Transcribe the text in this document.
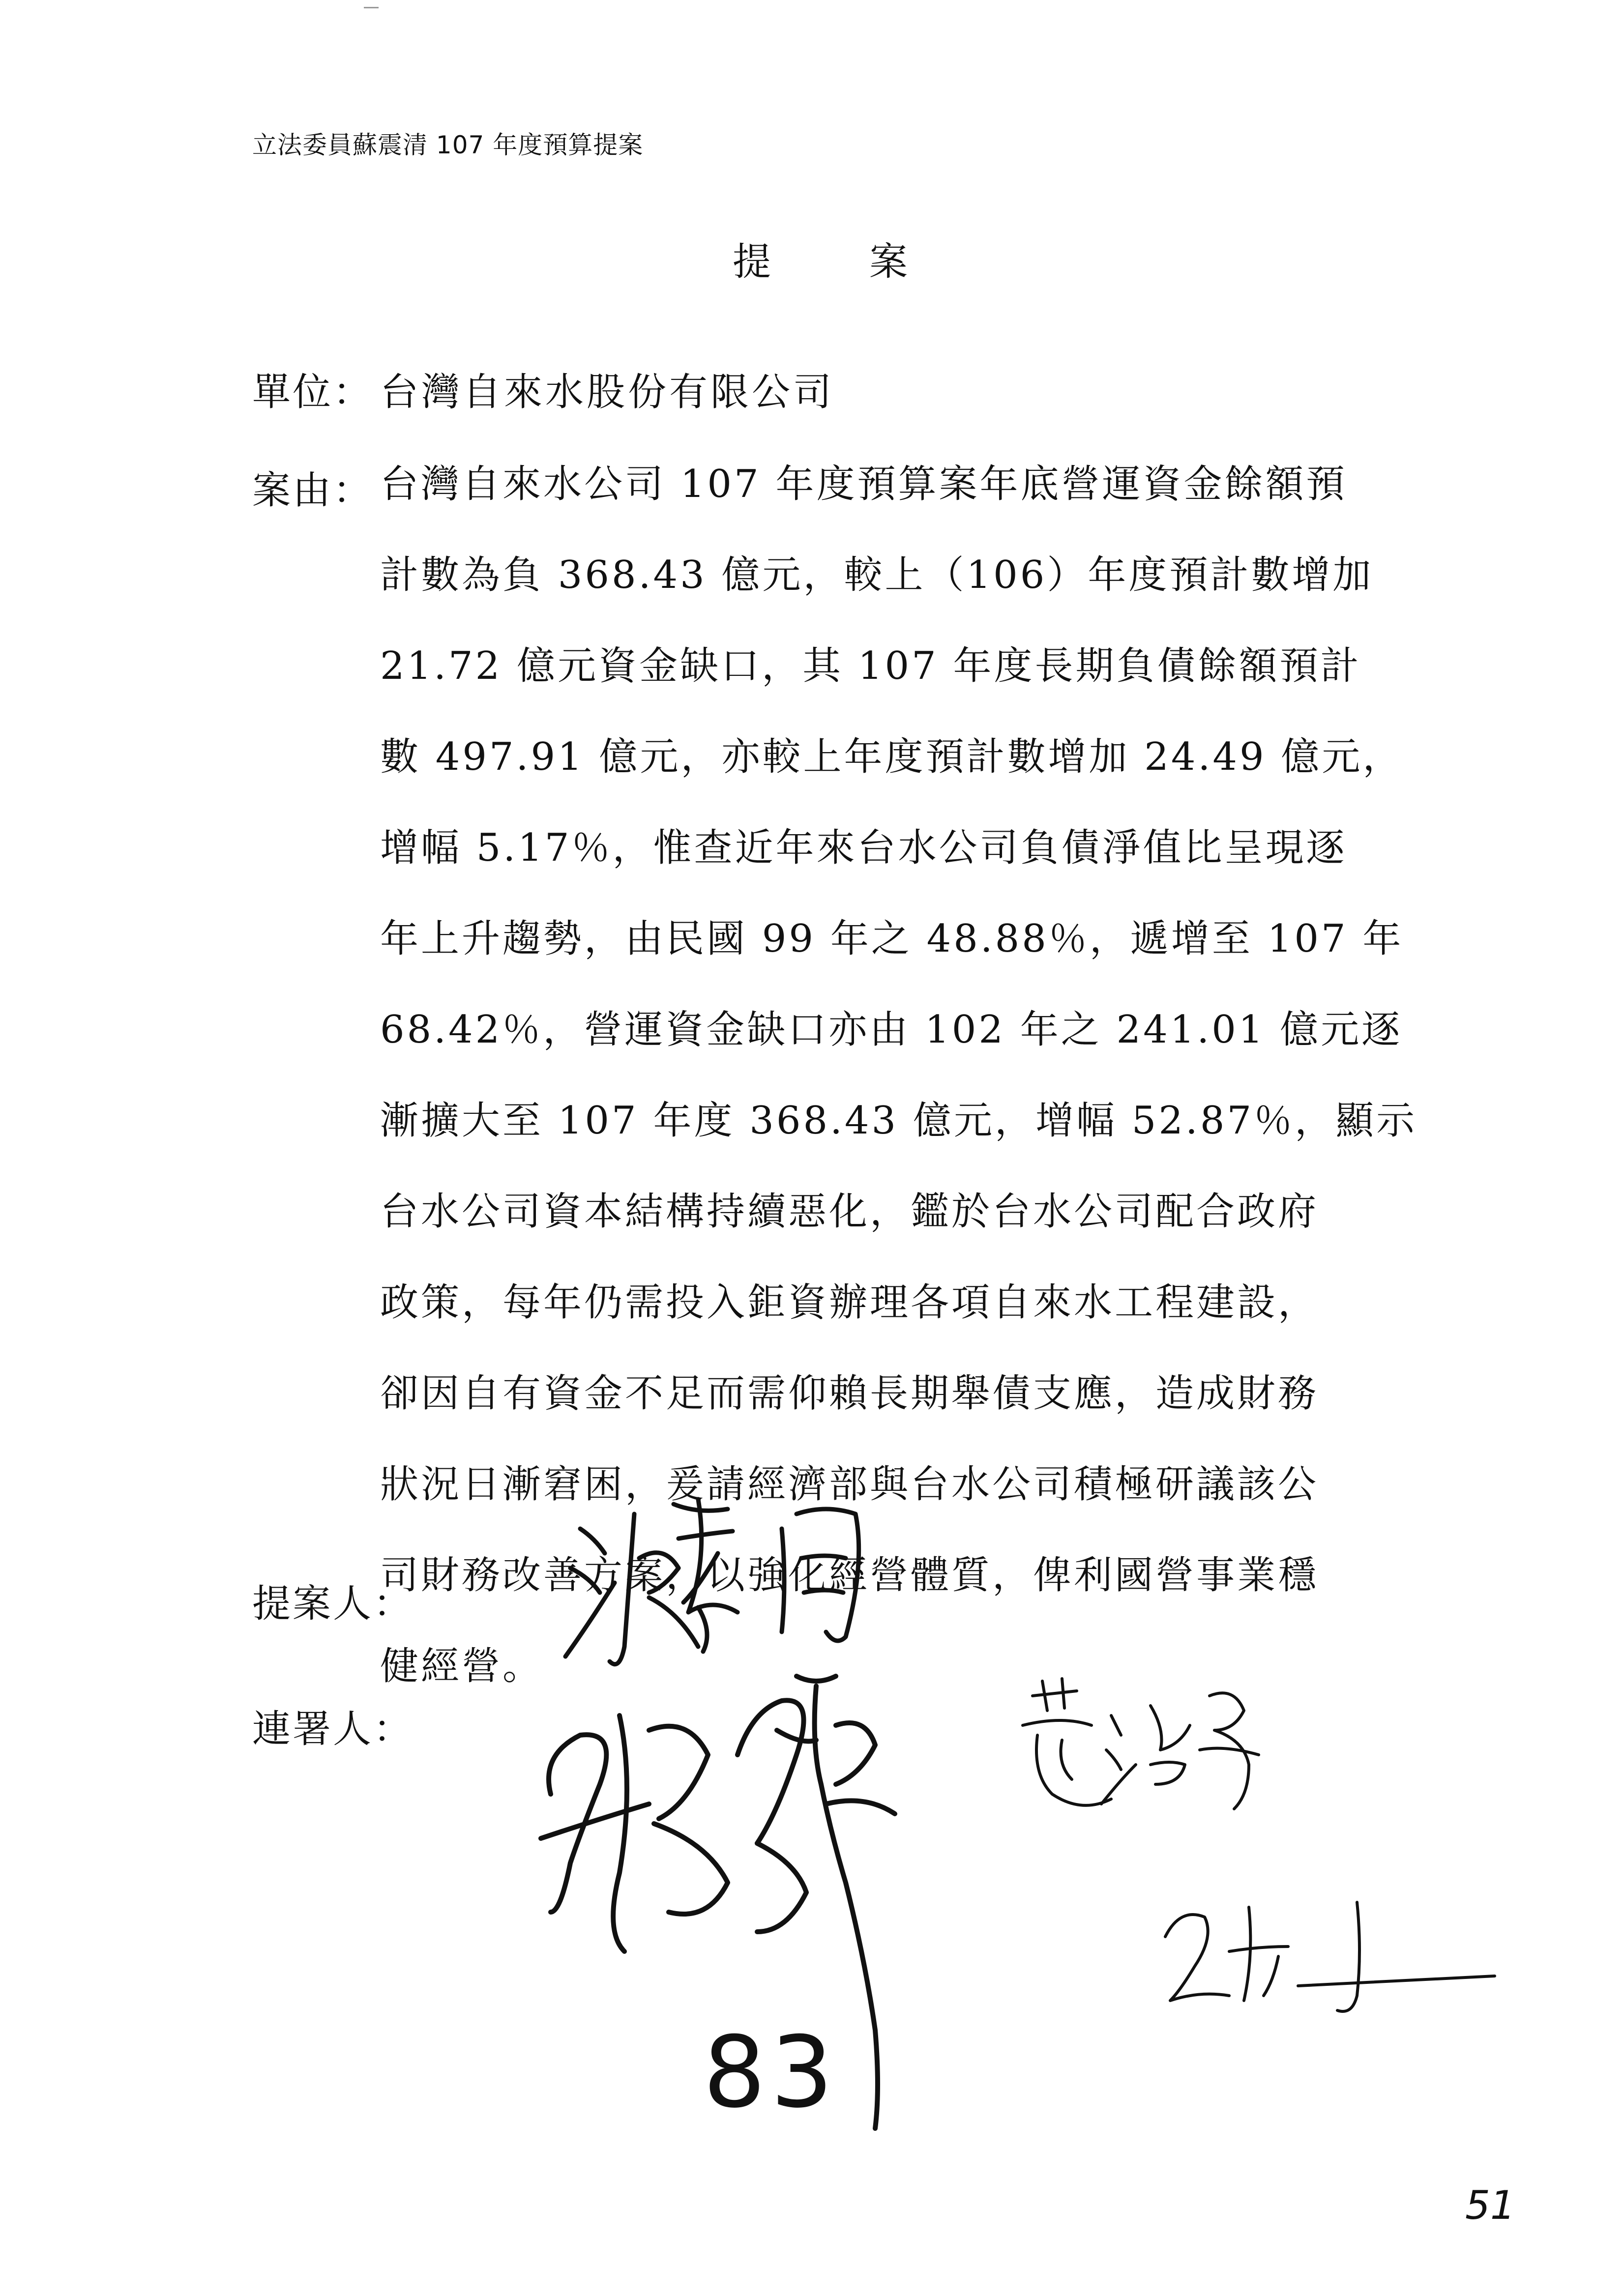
立法委員蘇震清 107 年度預算提案
提案
單位： 台灣自來水股份有限公司
案由： 台灣自來水公司 107 年度預算案年底營運資金餘額預
計數為負 368.43 億元，較上（106）年度預計數增加
21.72 億元資金缺口，其 107 年度長期負債餘額預計
數 497.91 億元，亦較上年度預計數增加 24.49 億元，
增幅 5.17％，惟查近年來台水公司負債淨值比呈現逐
年上升趨勢，由民國 99 年之 48.88％，遞增至 107 年
68.42％，營運資金缺口亦由 102 年之 241.01 億元逐
漸擴大至 107 年度 368.43 億元，增幅 52.87％，顯示
台水公司資本結構持續惡化，鑑於台水公司配合政府
政策，每年仍需投入鉅資辦理各項自來水工程建設，
卻因自有資金不足而需仰賴長期舉債支應，造成財務
狀況日漸窘困，爰請經濟部與台水公司積極研議該公
司財務改善方案，以強化經營體質，俾利國營事業穩
健經營。
提案人：
連署人：
83
51
